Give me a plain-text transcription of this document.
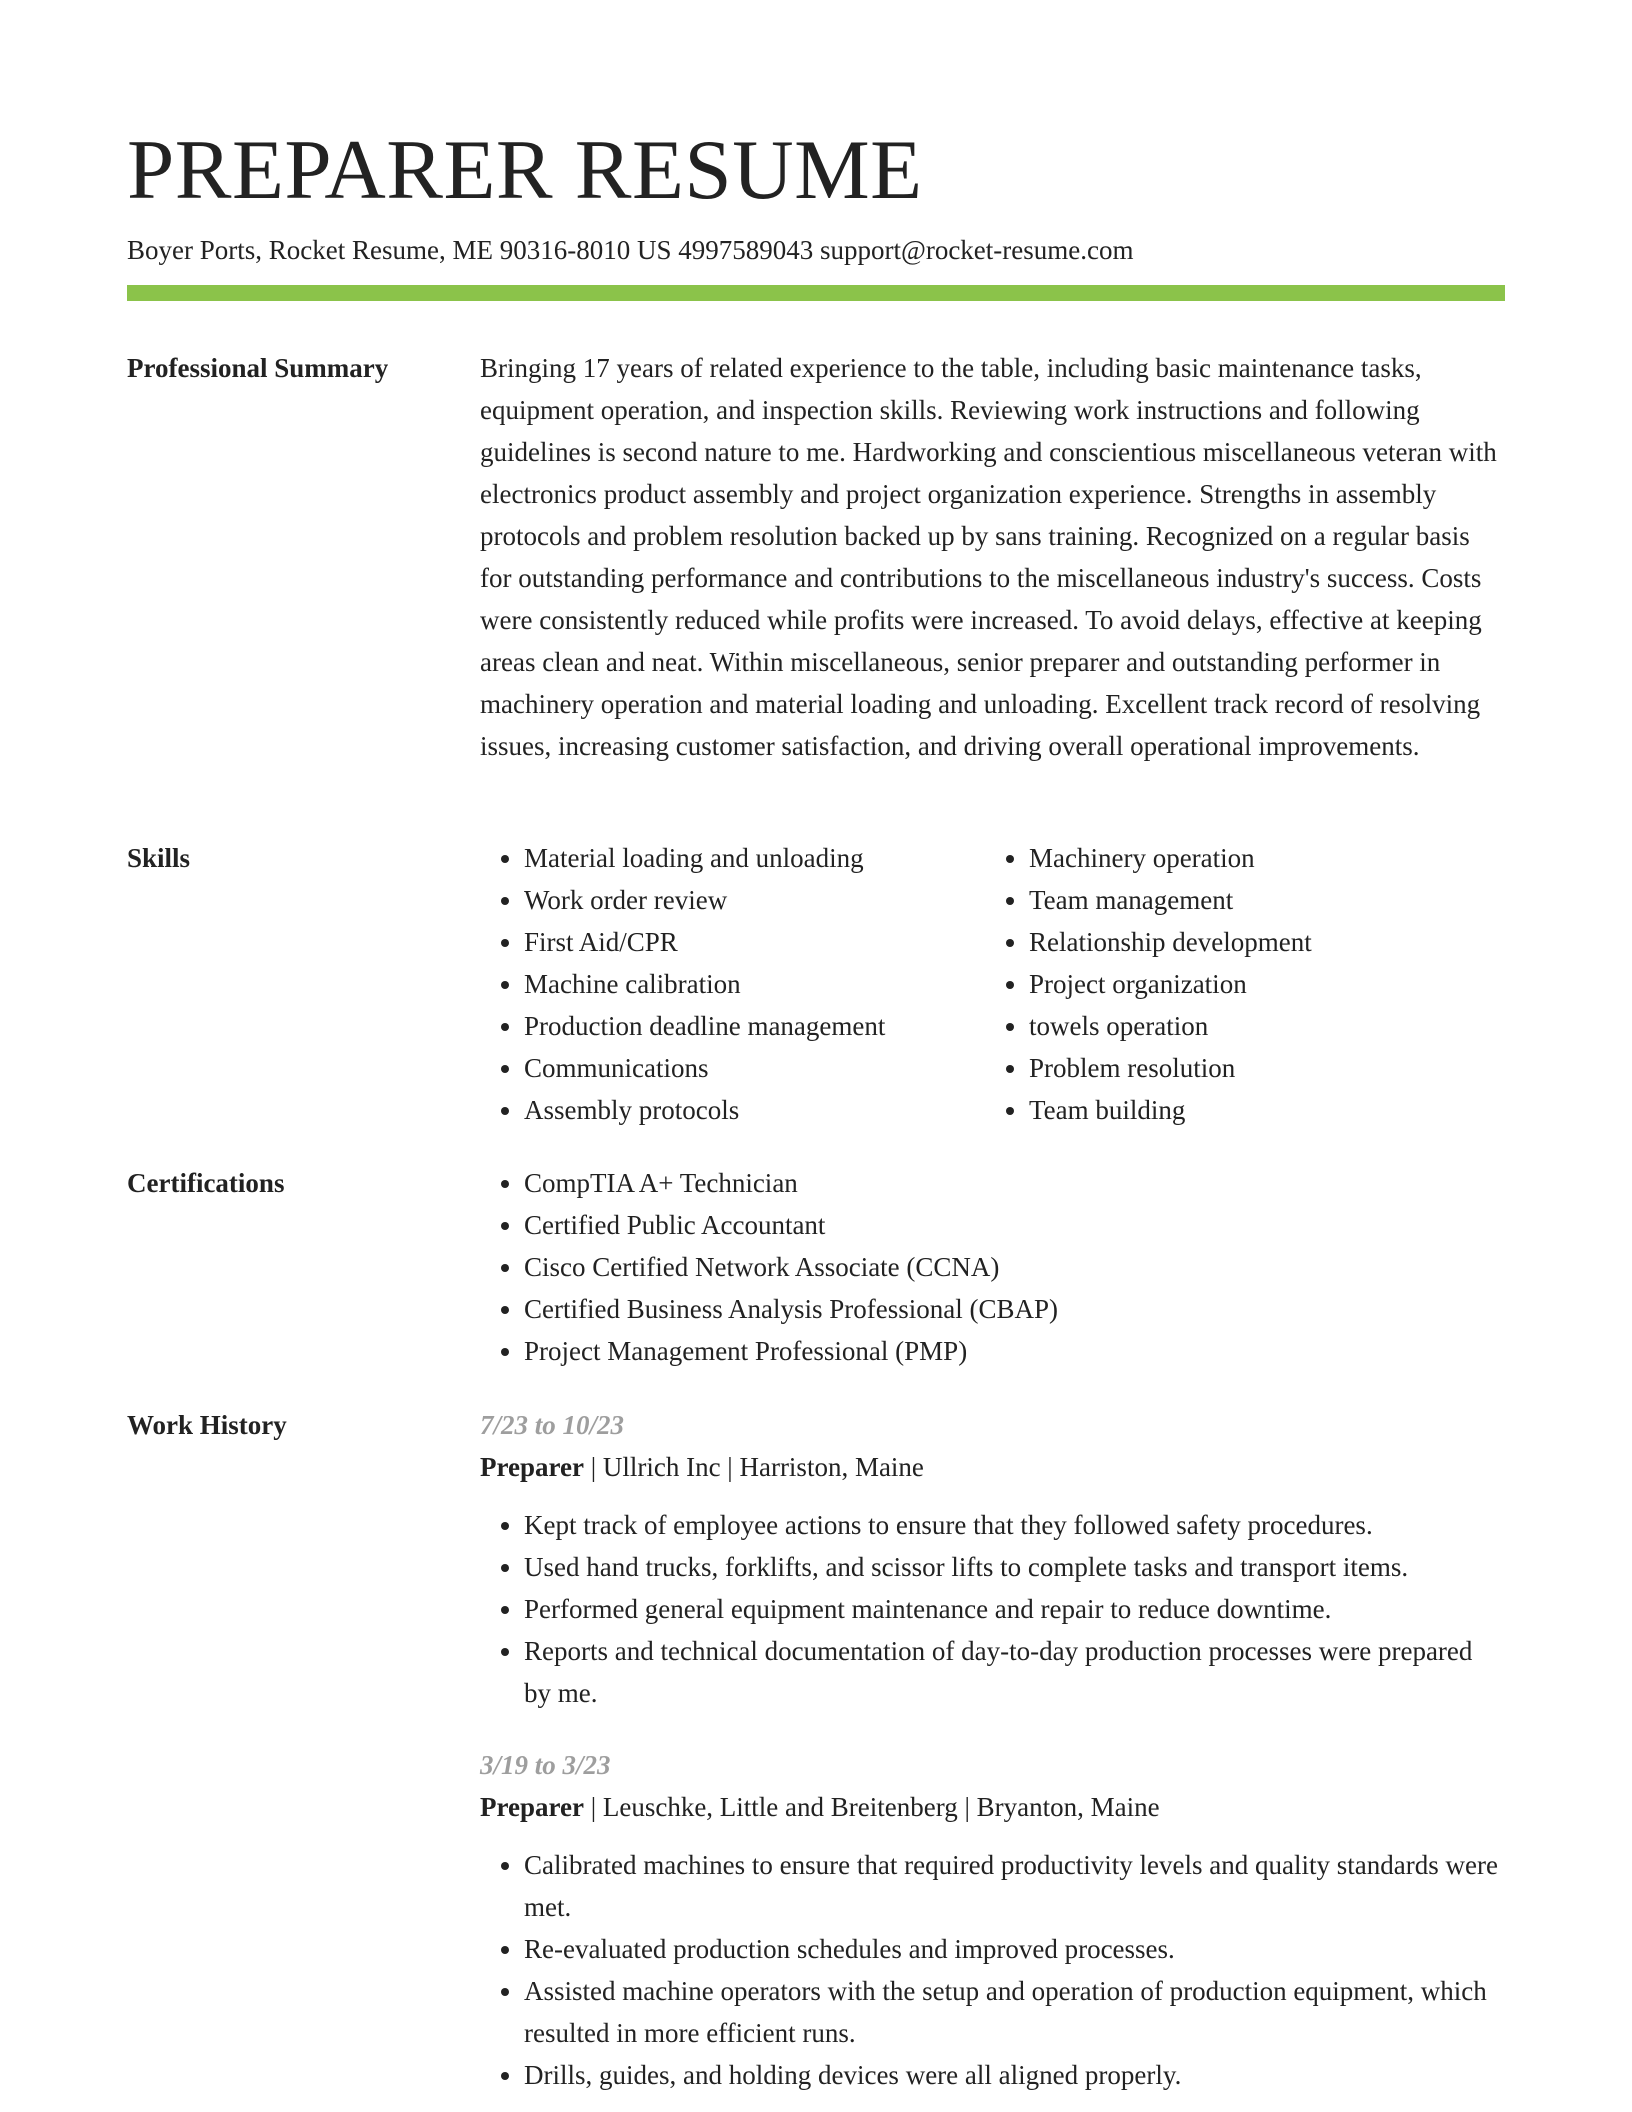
PREPARER RESUME
Boyer Ports, Rocket Resume, ME 90316-8010 US 4997589043 support@rocket-resume.com
Professional Summary	Bringing 17 years of related experience to the table, including basic maintenance tasks, equipment operation, and inspection skills. Reviewing work instructions and following guidelines is second nature to me. Hardworking and conscientious miscellaneous veteran with electronics product assembly and project organization experience. Strengths in assembly protocols and problem resolution backed up by sans training. Recognized on a regular basis for outstanding performance and contributions to the miscellaneous industry's success. Costs were consistently reduced while profits were increased. To avoid delays, effective at keeping areas clean and neat. Within miscellaneous, senior preparer and outstanding performer in machinery operation and material loading and unloading. Excellent track record of resolving issues, increasing customer satisfaction, and driving overall operational improvements.

Skills	• Material loading and unloading
• Work order review
• First Aid/CPR
• Machine calibration
• Production deadline management
• Communications
• Assembly protocols
• Machinery operation
• Team management
• Relationship development
• Project organization
• towels operation
• Problem resolution
• Team building
Certifications	• CompTIA A+ Technician
• Certified Public Accountant
• Cisco Certified Network Associate (CCNA)
• Certified Business Analysis Professional (CBAP)
• Project Management Professional (PMP)
Work History	7/23 to 10/23
Preparer | Ullrich Inc | Harriston, Maine
• Kept track of employee actions to ensure that they followed safety procedures.
• Used hand trucks, forklifts, and scissor lifts to complete tasks and transport items.
• Performed general equipment maintenance and repair to reduce downtime.
• Reports and technical documentation of day-to-day production processes were prepared by me.
3/19 to 3/23
Preparer | Leuschke, Little and Breitenberg | Bryanton, Maine
• Calibrated machines to ensure that required productivity levels and quality standards were met.
• Re-evaluated production schedules and improved processes.
• Assisted machine operators with the setup and operation of production equipment, which resulted in more efficient runs.
• Drills, guides, and holding devices were all aligned properly.
